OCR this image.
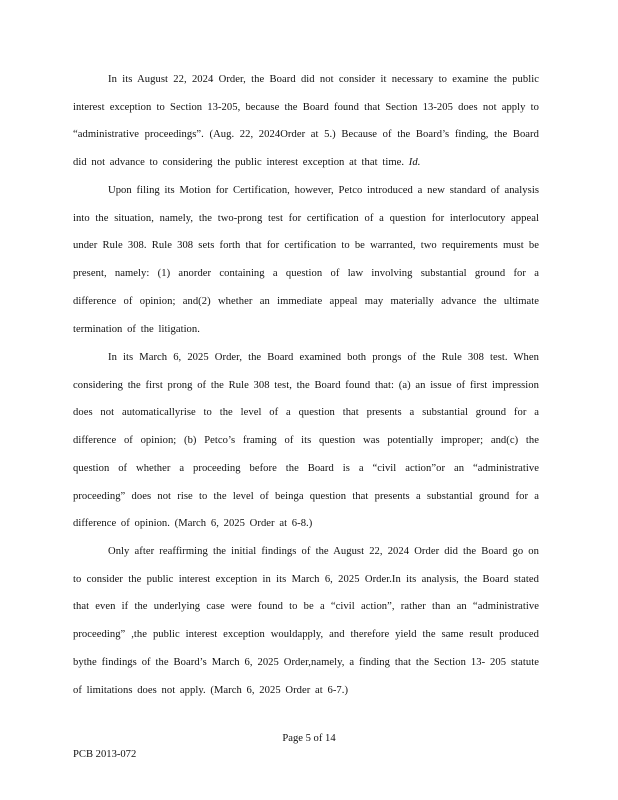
In its August 22, 2024 Order, the Board did not consider it necessary to examine the public interest exception to Section 13-205, because the Board found that Section 13-205 does not apply to “administrative proceedings”. (Aug. 22, 2024Order at 5.) Because of the Board’s finding, the Board did not advance to considering the public interest exception at that time. Id.

Upon filing its Motion for Certification, however, Petco introduced a new standard of analysis into the situation, namely, the two-prong test for certification of a question for interlocutory appeal under Rule 308. Rule 308 sets forth that for certification to be warranted, two requirements must be present, namely: (1) anorder containing a question of law involving substantial ground for a difference of opinion; and(2) whether an immediate appeal may materially advance the ultimate termination of the litigation.

In its March 6, 2025 Order, the Board examined both prongs of the Rule 308 test. When considering the first prong of the Rule 308 test, the Board found that: (a) an issue of first impression does not automaticallyrise to the level of a question that presents a substantial ground for a difference of opinion; (b) Petco’s framing of its question was potentially improper; and(c) the question of whether a proceeding before the Board is a “civil action”or an “administrative proceeding” does not rise to the level of beinga question that presents a substantial ground for a difference of opinion. (March 6, 2025 Order at 6-8.)

Only after reaffirming the initial findings of the August 22, 2024 Order did the Board go on to consider the public interest exception in its March 6, 2025 Order.In its analysis, the Board stated that even if the underlying case were found to be a “civil action”, rather than an “administrative proceeding” ,the public interest exception wouldapply, and therefore yield the same result produced bythe findings of the Board’s March 6, 2025 Order,namely, a finding that the Section 13- 205 statute of limitations does not apply. (March 6, 2025 Order at 6-7.)

Page 5 of 14
PCB 2013-072
